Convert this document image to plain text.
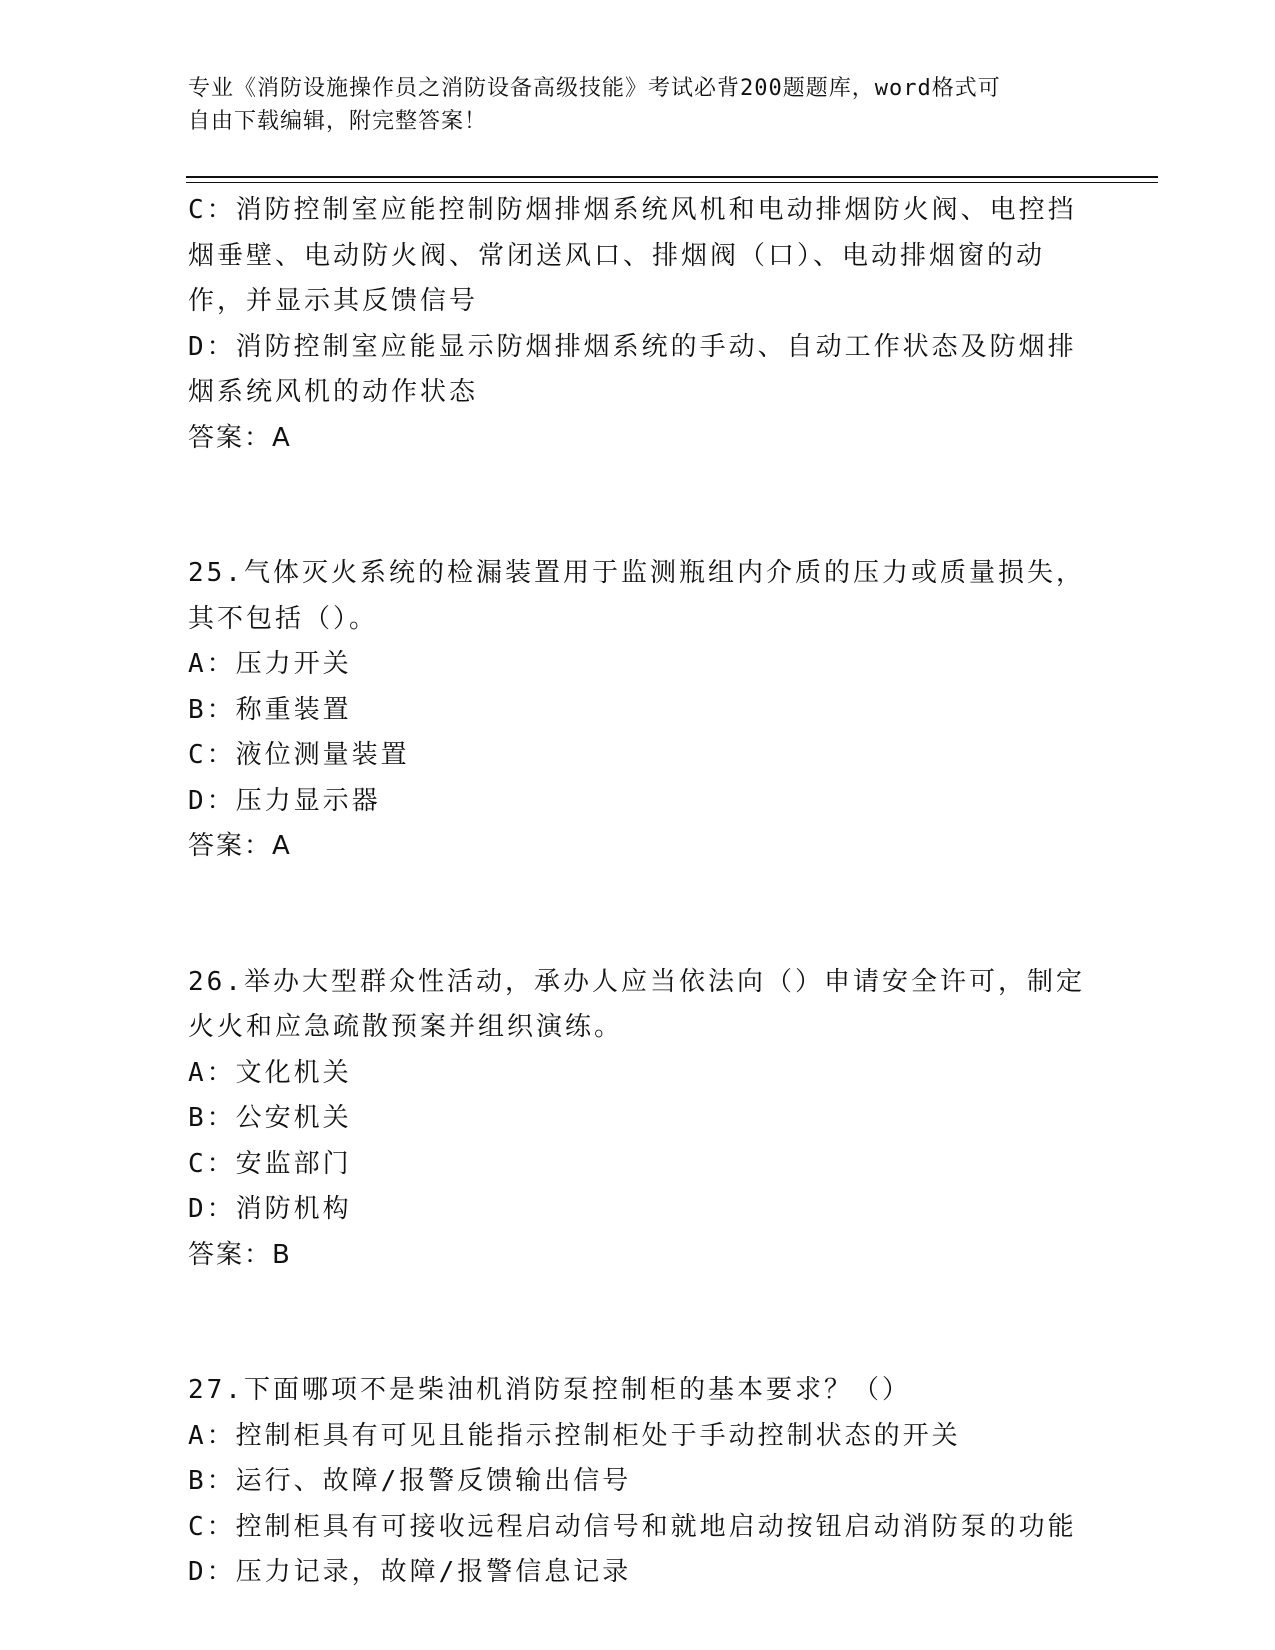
专业《消防设施操作员之消防设备高级技能》考试必背200题题库，word格式可
自由下载编辑，附完整答案！
C：消防控制室应能控制防烟排烟系统风机和电动排烟防火阀、电控挡
烟垂壁、电动防火阀、常闭送风口、排烟阀（口）、电动排烟窗的动
作，并显示其反馈信号
D：消防控制室应能显示防烟排烟系统的手动、自动工作状态及防烟排
烟系统风机的动作状态
答案：A
25.气体灭火系统的检漏装置用于监测瓶组内介质的压力或质量损失，
其不包括（）。
A：压力开关
B：称重装置
C：液位测量装置
D：压力显示器
答案：A
26.举办大型群众性活动，承办人应当依法向（）申请安全许可，制定
火火和应急疏散预案并组织演练。
A：文化机关
B：公安机关
C：安监部门
D：消防机构
答案：B
27.下面哪项不是柴油机消防泵控制柜的基本要求？（）
A：控制柜具有可见且能指示控制柜处于手动控制状态的开关
B：运行、故障/报警反馈输出信号
C：控制柜具有可接收远程启动信号和就地启动按钮启动消防泵的功能
D：压力记录，故障/报警信息记录
